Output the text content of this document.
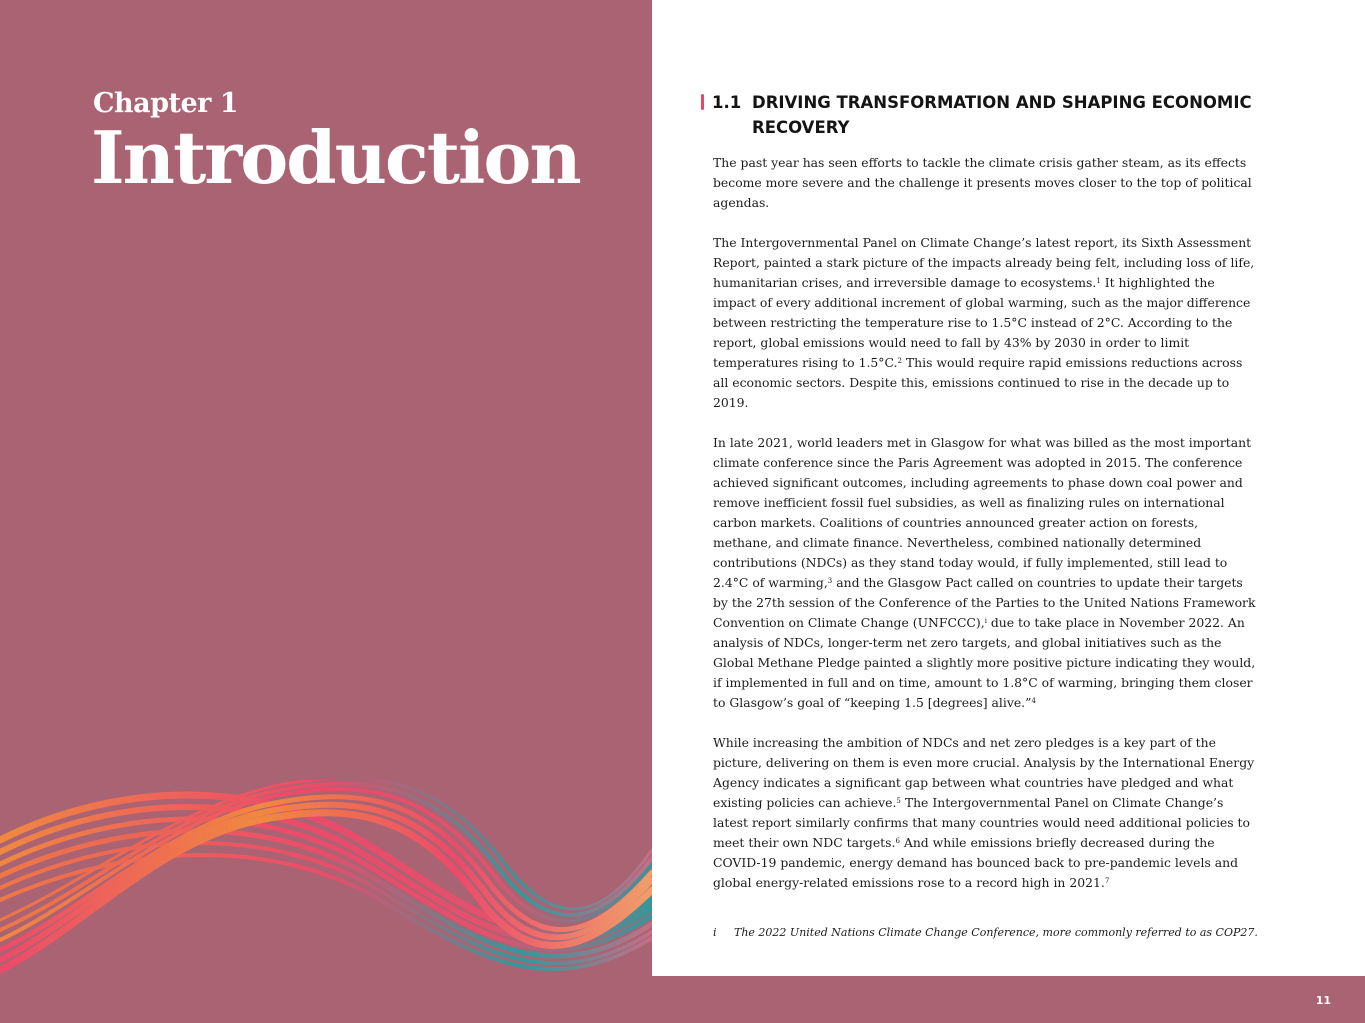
Chapter 1
Introduction
1.1 DRIVING TRANSFORMATION AND SHAPING ECONOMIC RECOVERY

The past year has seen efforts to tackle the climate crisis gather steam, as its effects become more severe and the challenge it presents moves closer to the top of political agendas.

The Intergovernmental Panel on Climate Change’s latest report, its Sixth Assessment Report, painted a stark picture of the impacts already being felt, including loss of life, humanitarian crises, and irreversible damage to ecosystems.$^1$ It highlighted the impact of every additional increment of global warming, such as the major difference between restricting the temperature rise to 1.5°C instead of 2°C. According to the report, global emissions would need to fall by 43% by 2030 in order to limit temperatures rising to 1.5°C.$^2$ This would require rapid emissions reductions across all economic sectors. Despite this, emissions continued to rise in the decade up to 2019.

In late 2021, world leaders met in Glasgow for what was billed as the most important climate conference since the Paris Agreement was adopted in 2015. The conference achieved significant outcomes, including agreements to phase down coal power and remove inefficient fossil fuel subsidies, as well as finalizing rules on international carbon markets. Coalitions of countries announced greater action on forests, methane, and climate finance. Nevertheless, combined nationally determined contributions (NDCs) as they stand today would, if fully implemented, still lead to 2.4°C of warming,$^3$ and the Glasgow Pact called on countries to update their targets by the 27th session of the Conference of the Parties to the United Nations Framework Convention on Climate Change (UNFCCC),$^i$ due to take place in November 2022. An analysis of NDCs, longer-term net zero targets, and global initiatives such as the Global Methane Pledge painted a slightly more positive picture indicating they would, if implemented in full and on time, amount to 1.8°C of warming, bringing them closer to Glasgow’s goal of “keeping 1.5 [degrees] alive.”$^4$

While increasing the ambition of NDCs and net zero pledges is a key part of the picture, delivering on them is even more crucial. Analysis by the International Energy Agency indicates a significant gap between what countries have pledged and what existing policies can achieve.$^5$ The Intergovernmental Panel on Climate Change’s latest report similarly confirms that many countries would need additional policies to meet their own NDC targets.$^6$ And while emissions briefly decreased during the COVID-19 pandemic, energy demand has bounced back to pre-pandemic levels and global energy-related emissions rose to a record high in 2021.$^7$

i The 2022 United Nations Climate Change Conference, more commonly referred to as COP27.
11
